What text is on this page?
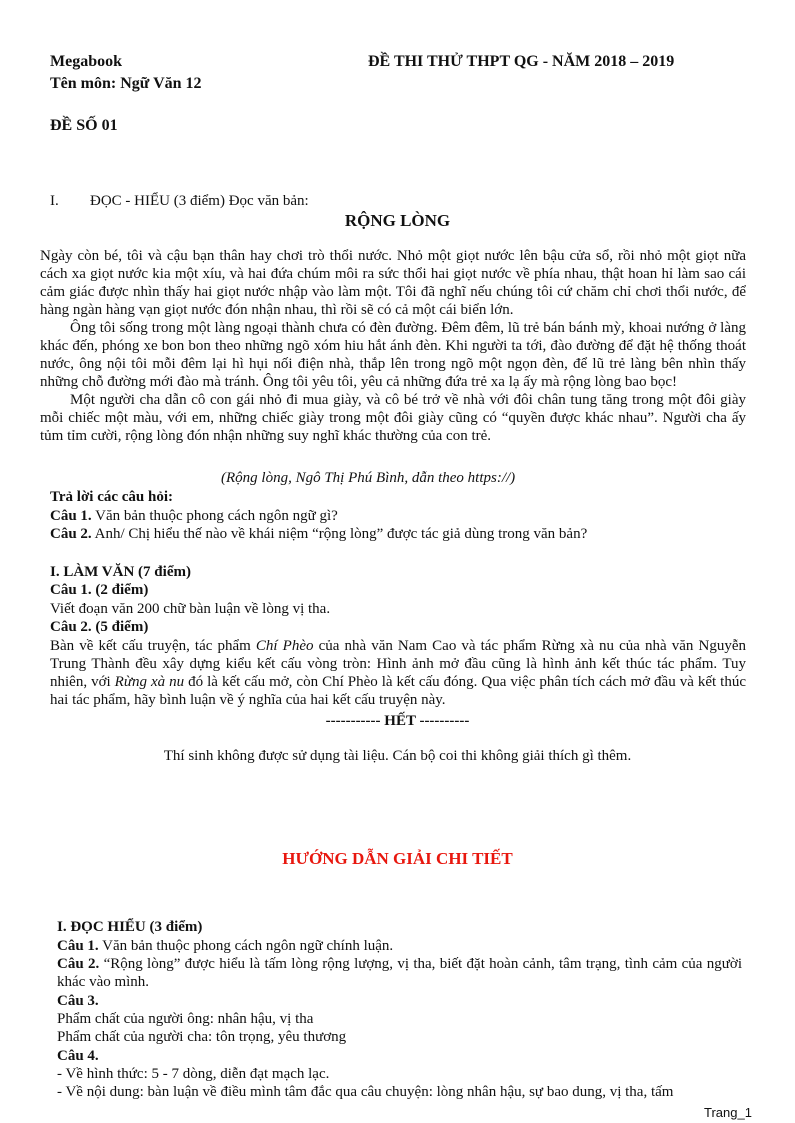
Megabook	ĐỀ THI THỬ THPT QG - NĂM 2018 – 2019
Tên môn: Ngữ Văn 12
ĐỀ SỐ 01
I. ĐỌC - HIỂU (3 điểm) Đọc văn bản:
RỘNG LÒNG

Ngày còn bé, tôi và cậu bạn thân hay chơi trò thổi nước. Nhỏ một giọt nước lên bậu cửa sổ, rồi nhỏ một giọt nữa cách xa giọt nước kia một xíu, và hai đứa chúm môi ra sức thổi hai giọt nước về phía nhau, thật hoan hỉ làm sao cái cảm giác được nhìn thấy hai giọt nước nhập vào làm một. Tôi đã nghĩ nếu chúng tôi cứ chăm chỉ chơi thổi nước, để hàng ngàn hàng vạn giọt nước đón nhận nhau, thì rồi sẽ có cả một cái biển lớn.

Ông tôi sống trong một làng ngoại thành chưa có đèn đường. Đêm đêm, lũ trẻ bán bánh mỳ, khoai nướng ở làng khác đến, phóng xe bon bon theo những ngõ xóm hiu hắt ánh đèn. Khi người ta tới, đào đường để đặt hệ thống thoát nước, ông nội tôi mỗi đêm lại hì hụi nối điện nhà, thắp lên trong ngõ một ngọn đèn, để lũ trẻ làng bên nhìn thấy những chỗ đường mới đào mà tránh. Ông tôi yêu tôi, yêu cả những đứa trẻ xa lạ ấy mà rộng lòng bao bọc!

Một người cha dẫn cô con gái nhỏ đi mua giày, và cô bé trở về nhà với đôi chân tung tăng trong một đôi giày mỗi chiếc một màu, với em, những chiếc giày trong một đôi giày cũng có “quyền được khác nhau”. Người cha ấy tủm tỉm cười, rộng lòng đón nhận những suy nghĩ khác thường của con trẻ.

(Rộng lòng, Ngô Thị Phú Bình, dẫn theo https://)
Trả lời các câu hỏi:
Câu 1. Văn bản thuộc phong cách ngôn ngữ gì?
Câu 2. Anh/ Chị hiểu thế nào về khái niệm “rộng lòng” được tác giả dùng trong văn bản?
I. LÀM VĂN (7 điểm)
Câu 1. (2 điểm)
Viết đoạn văn 200 chữ bàn luận về lòng vị tha.
Câu 2. (5 điểm)
Bàn về kết cấu truyện, tác phẩm Chí Phèo của nhà văn Nam Cao và tác phẩm Rừng xà nu của nhà văn Nguyễn Trung Thành đều xây dựng kiểu kết cấu vòng tròn: Hình ảnh mở đầu cũng là hình ảnh kết thúc tác phẩm. Tuy nhiên, với Rừng xà nu đó là kết cấu mở, còn Chí Phèo là kết cấu đóng. Qua việc phân tích cách mở đầu và kết thúc hai tác phẩm, hãy bình luận về ý nghĩa của hai kết cấu truyện này.
----------- HẾT ----------
Thí sinh không được sử dụng tài liệu. Cán bộ coi thi không giải thích gì thêm.
HƯỚNG DẪN GIẢI CHI TIẾT
I. ĐỌC HIỂU (3 điểm)
Câu 1. Văn bản thuộc phong cách ngôn ngữ chính luận.
Câu 2. “Rộng lòng” được hiểu là tấm lòng rộng lượng, vị tha, biết đặt hoàn cảnh, tâm trạng, tình cảm của người khác vào mình.
Câu 3.
Phẩm chất của người ông: nhân hậu, vị tha
Phẩm chất của người cha: tôn trọng, yêu thương
Câu 4.
- Về hình thức: 5 - 7 dòng, diễn đạt mạch lạc.
- Về nội dung: bàn luận về điều mình tâm đắc qua câu chuyện: lòng nhân hậu, sự bao dung, vị tha, tấm
Trang_1
